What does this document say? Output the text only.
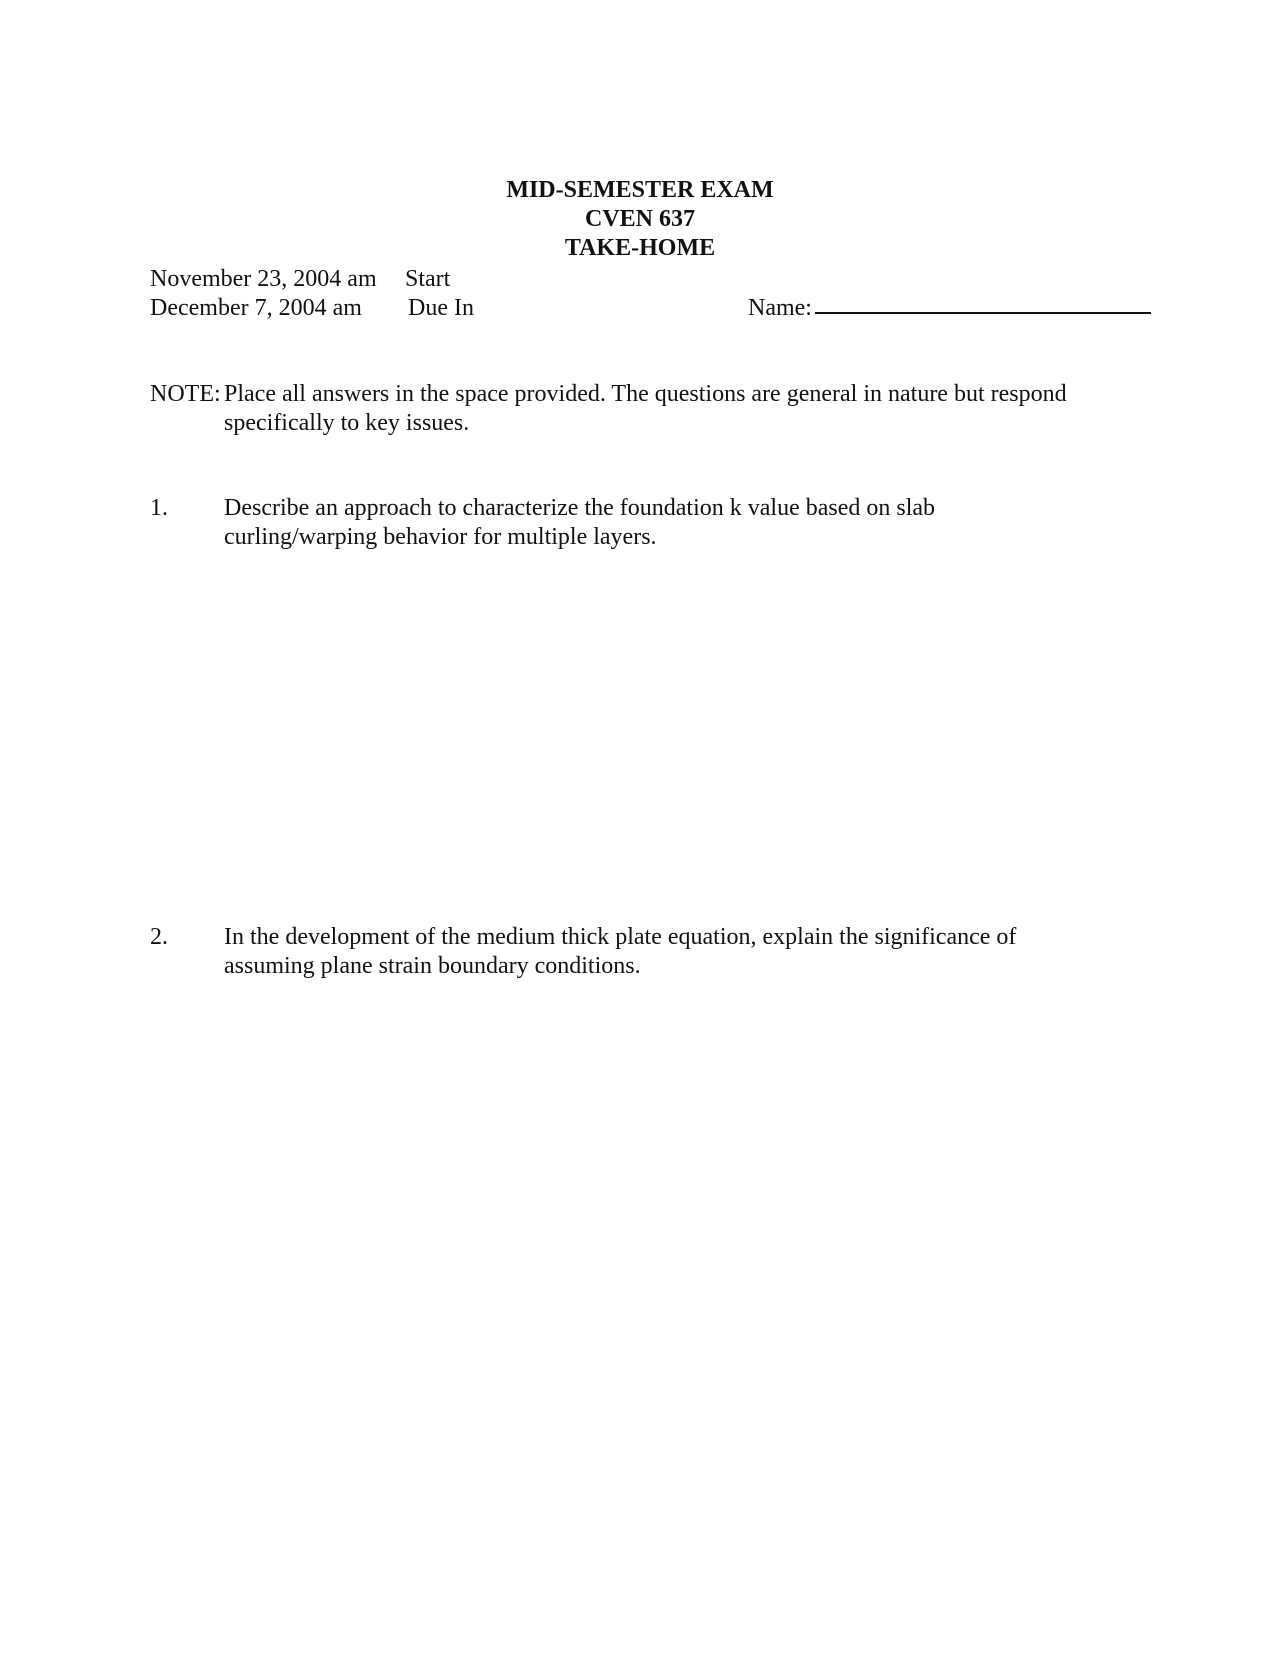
MID-SEMESTER EXAM
CVEN 637
TAKE-HOME
November 23, 2004 am Start
December 7, 2004 am Due In	Name:
NOTE: Place all answers in the space provided. The questions are general in nature but respond
specifically to key issues.
1. Describe an approach to characterize the foundation k value based on slab
curling/warping behavior for multiple layers.
2. In the development of the medium thick plate equation, explain the significance of
assuming plane strain boundary conditions.
